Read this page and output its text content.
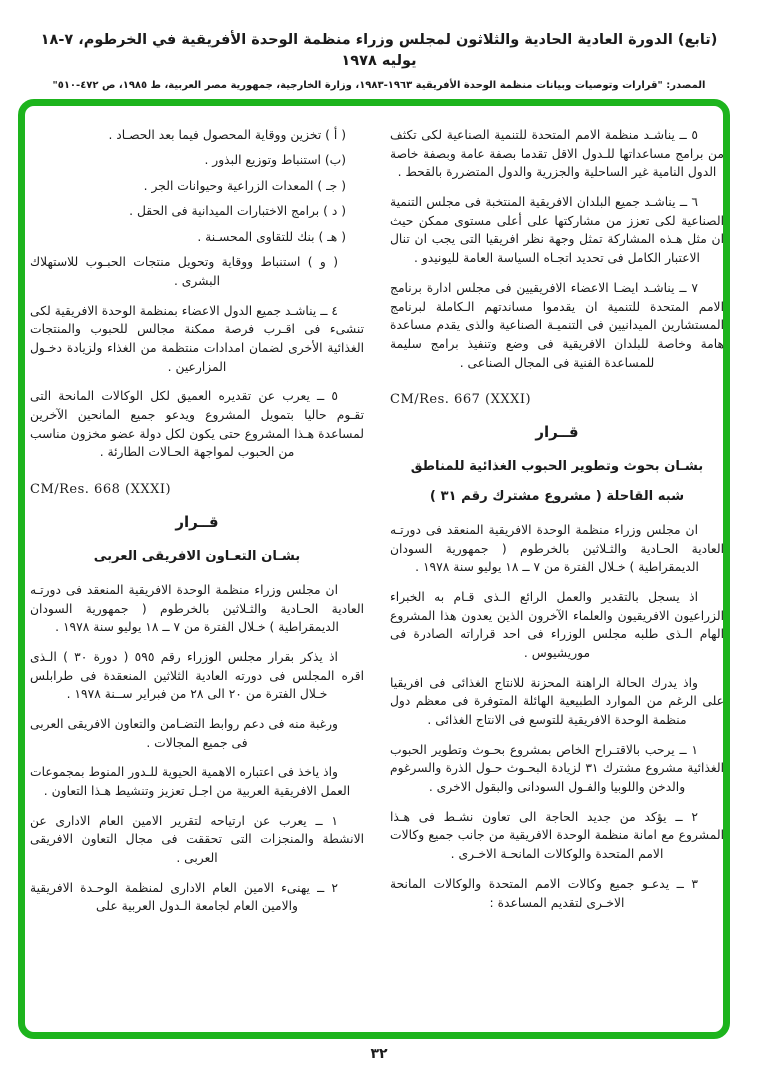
(تابع) الدورة العادية الحادية والثلاثون لمجلس وزراء منظمة الوحدة الأفريقية في الخرطوم، ٧-١٨ يوليه ١٩٧٨
المصدر: "قرارات وتوصيات وبيانات منظمة الوحدة الأفريقية ١٩٦٣-١٩٨٣، وزارة الخارجية، جمهورية مصر العربية، ط ١٩٨٥، ص ٤٧٢-٥١٠"
٥ ــ يناشـد منظمة الامم المتحدة للتنمية الصناعية لكى تكثف من برامج مساعداتها للـدول الاقل تقدما بصفة عامة وبصفة خاصة الدول النامية غير الساحلية والجزرية والدول المتضررة بالقحط .
٦ ــ يناشـد جميع البلدان الافريقية المنتخبة فى مجلس التنمية الصناعية لكى تعزز من مشاركتها على أعلى مستوى ممكن حيث ان مثل هـذه المشاركة تمثل وجهة نظر افريقيا التى يجب ان تنال الاعتبار الكامل فى تحديد اتجـاه السياسة العامة لليونيدو .
٧ ــ يناشـد ايضـا الاعضاء الافريقيين فى مجلس ادارة برنامج الامم المتحدة للتنمية ان يقدموا مساندتهم الـكاملة لبرنامج المستشارين الميدانيين فى التنميـة الصناعية والذى يقدم مساعدة هامة وخاصة للبلدان الافريقية فى وضع وتنفيذ برامج سليمة للمساعدة الفنية فى المجال الصناعى .
CM/Res. 667 (XXXI)
قــرار
بشـان بحوث وتطوير الحبوب الغذائية للمناطق
شبه القاحلة ( مشروع مشترك رقم ٣١ )
ان مجلس وزراء منظمة الوحدة الافريقية المنعقد فى دورتـه العادية الحـادية والثـلاثين بالخرطوم ( جمهورية السودان الديمقراطية ) خـلال الفترة من ٧ ــ ١٨ يوليو سنة ١٩٧٨ .
اذ يسجل بالتقدير والعمل الرائع الـذى قـام به الخبراء الزراعيون الافريقيون والعلماء الآخرون الذين يعدون هذا المشروع الهام الـذى طلبه مجلس الوزراء فى احد قراراته الصادرة فى موريشيوس .
واذ يدرك الحالة الراهنة المحزنة للانتاج الغذائى فى افريقيا على الرغم من الموارد الطبيعية الهائلة المتوفرة فى معظم دول منظمة الوحدة الافريقية للتوسع فى الانتاج الغذائى .
١ ــ يرحب بالاقتـراح الخاص بمشروع بحـوث وتطوير الحبوب الغذائية مشروع مشترك ٣١ لزيادة البحـوث حـول الذرة والسرغوم والدخن واللوبيا والفـول السودانى والبقول الاخرى .
٢ ــ يؤكد من جديد الحاجة الى تعاون نشـط فى هـذا المشروع مع امانة منظمة الوحدة الافريقية من جانب جميع وكالات الامم المتحدة والوكالات المانحـة الاخـرى .
٣ ــ يدعـو جميع وكالات الامم المتحدة والوكالات المانحة الاخـرى لتقديم المساعدة :
( أ ) تخزين ووقاية المحصول فيما بعد الحصـاد .
(ب) استنباط وتوزيع البذور .
( جـ ) المعدات الزراعية وحيوانات الجر .
( د ) برامج الاختبارات الميدانية فى الحقل .
( هـ ) بنك للتقاوى المحسـنة .
( و ) استنباط ووقاية وتحويل منتجات الحبـوب للاستهلاك البشرى .
٤ ــ يناشـد جميع الدول الاعضاء بمنظمة الوحدة الافريقية لكى تنشىء فى اقـرب فرصة ممكنة مجالس للحبوب والمنتجات الغذائية الأخرى لضمان امدادات منتظمة من الغذاء ولزيادة دخـول المزارعين .
٥ ــ يعرب عن تقديره العميق لكل الوكالات المانحة التى تقـوم حاليا بتمويل المشروع ويدعو جميع المانحين الآخرين لمساعدة هـذا المشروع حتى يكون لكل دولة عضو مخزون مناسب من الحبوب لمواجهة الحـالات الطارئة .
CM/Res. 668 (XXXI)
قــرار
بشـان التعـاون الافريقى العربى
ان مجلس وزراء منظمة الوحدة الافريقية المنعقد فى دورتـه العادية الحـادية والثـلاثين بالخرطوم ( جمهورية السودان الديمقراطية ) خـلال الفترة من ٧ ــ ١٨ يوليو سنة ١٩٧٨ .
اذ يذكر بقرار مجلس الوزراء رقم ٥٩٥ ( دورة ٣٠ ) الـذى اقره المجلس فى دورته العادية الثلاثين المنعقدة فى طرابلس خـلال الفترة من ٢٠ الى ٢٨ من فبراير ســنة ١٩٧٨ .
ورغبة منه فى دعم روابط التضـامن والتعاون الافريقى العربى فى جميع المجالات .
واذ ياخذ فى اعتباره الاهمية الحيوية للـدور المنوط بمجموعات العمل الافريقية العربية من اجـل تعزيز وتنشيط هـذا التعاون .
١ ــ يعرب عن ارتياحه لتقرير الامين العام الادارى عن الانشطة والمنجزات التى تحققت فى مجال التعاون الافريقى العربى .
٢ ــ يهنىء الامين العام الادارى لمنظمة الوحـدة الافريقية والامين العام لجامعة الـدول العربية على
٣٢
